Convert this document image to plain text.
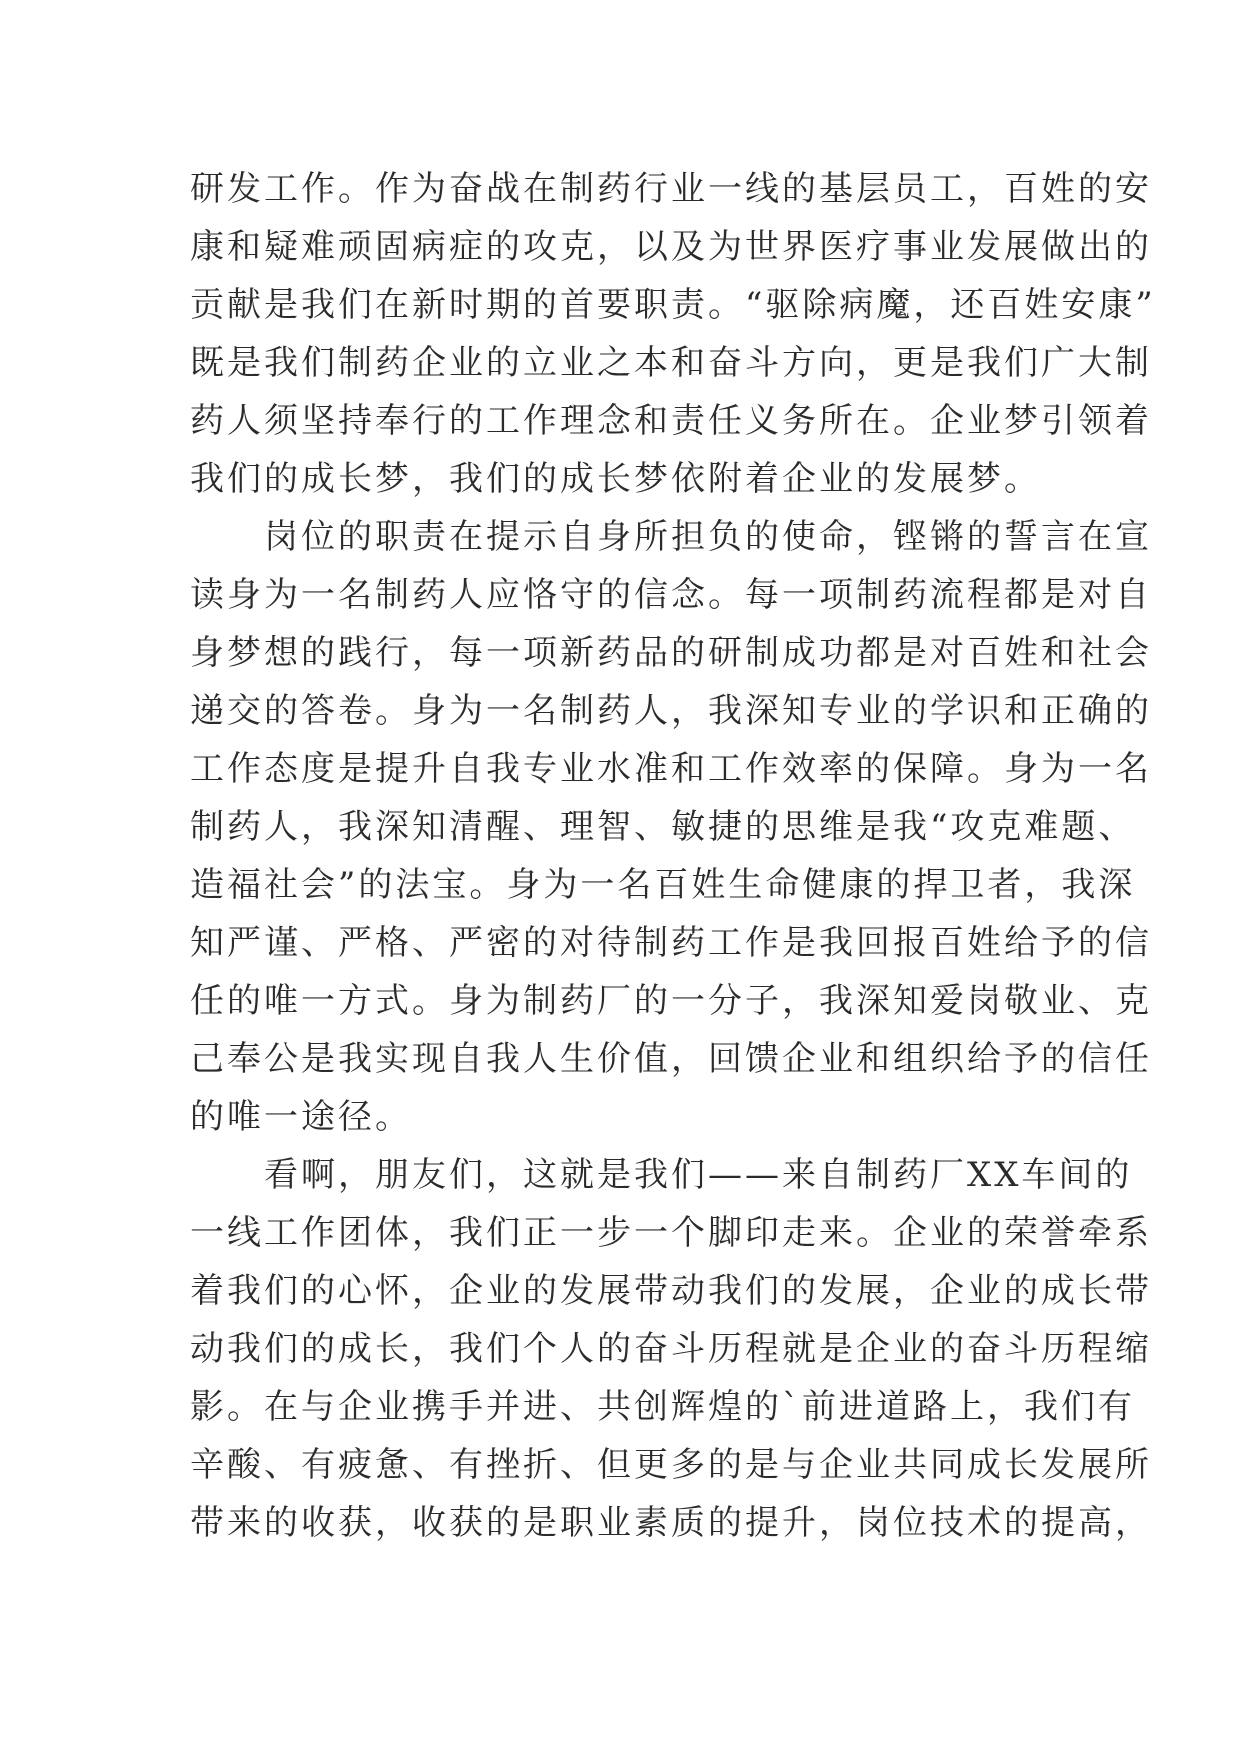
研发工作。作为奋战在制药行业一线的基层员工，百姓的安
康和疑难顽固病症的攻克，以及为世界医疗事业发展做出的
贡献是我们在新时期的首要职责。“驱除病魔，还百姓安康”
既是我们制药企业的立业之本和奋斗方向，更是我们广大制
药人须坚持奉行的工作理念和责任义务所在。企业梦引领着
我们的成长梦，我们的成长梦依附着企业的发展梦。
　　岗位的职责在提示自身所担负的使命，铿锵的誓言在宣
读身为一名制药人应恪守的信念。每一项制药流程都是对自
身梦想的践行，每一项新药品的研制成功都是对百姓和社会
递交的答卷。身为一名制药人，我深知专业的学识和正确的
工作态度是提升自我专业水准和工作效率的保障。身为一名
制药人，我深知清醒、理智、敏捷的思维是我“攻克难题、
造福社会”的法宝。身为一名百姓生命健康的捍卫者，我深
知严谨、严格、严密的对待制药工作是我回报百姓给予的信
任的唯一方式。身为制药厂的一分子，我深知爱岗敬业、克
己奉公是我实现自我人生价值，回馈企业和组织给予的信任
的唯一途径。
　　看啊，朋友们，这就是我们——来自制药厂XX车间的
一线工作团体，我们正一步一个脚印走来。企业的荣誉牵系
着我们的心怀，企业的发展带动我们的发展，企业的成长带
动我们的成长，我们个人的奋斗历程就是企业的奋斗历程缩
影。在与企业携手并进、共创辉煌的`前进道路上，我们有
辛酸、有疲惫、有挫折、但更多的是与企业共同成长发展所
带来的收获，收获的是职业素质的提升，岗位技术的提高，
